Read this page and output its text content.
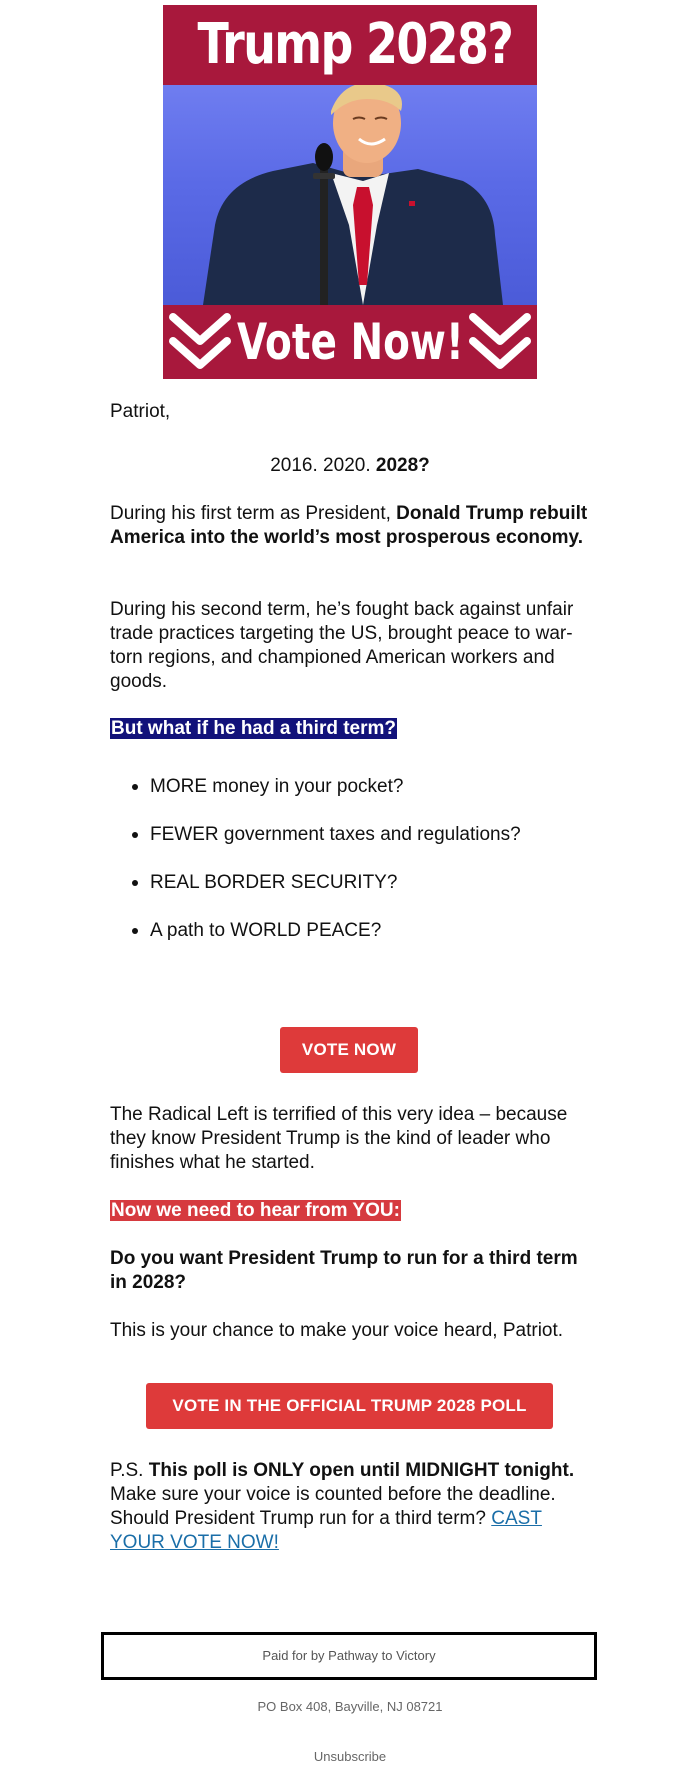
Trump 2028?
Vote Now!
Patriot,
2016. 2020. 2028?
During his first term as President, Donald Trump rebuilt America into the world’s most prosperous economy.
During his second term, he’s fought back against unfair trade practices targeting the US, brought peace to war-torn regions, and championed American workers and goods.
But what if he had a third term?
MORE money in your pocket?
FEWER government taxes and regulations?
REAL BORDER SECURITY?
A path to WORLD PEACE?
VOTE NOW
The Radical Left is terrified of this very idea – because they know President Trump is the kind of leader who finishes what he started.
Now we need to hear from YOU:
Do you want President Trump to run for a third term in 2028?
This is your chance to make your voice heard, Patriot.
VOTE IN THE OFFICIAL TRUMP 2028 POLL
P.S. This poll is ONLY open until MIDNIGHT tonight. Make sure your voice is counted before the deadline. Should President Trump run for a third term? CAST YOUR VOTE NOW!
Paid for by Pathway to Victory
PO Box 408, Bayville, NJ 08721
Unsubscribe
